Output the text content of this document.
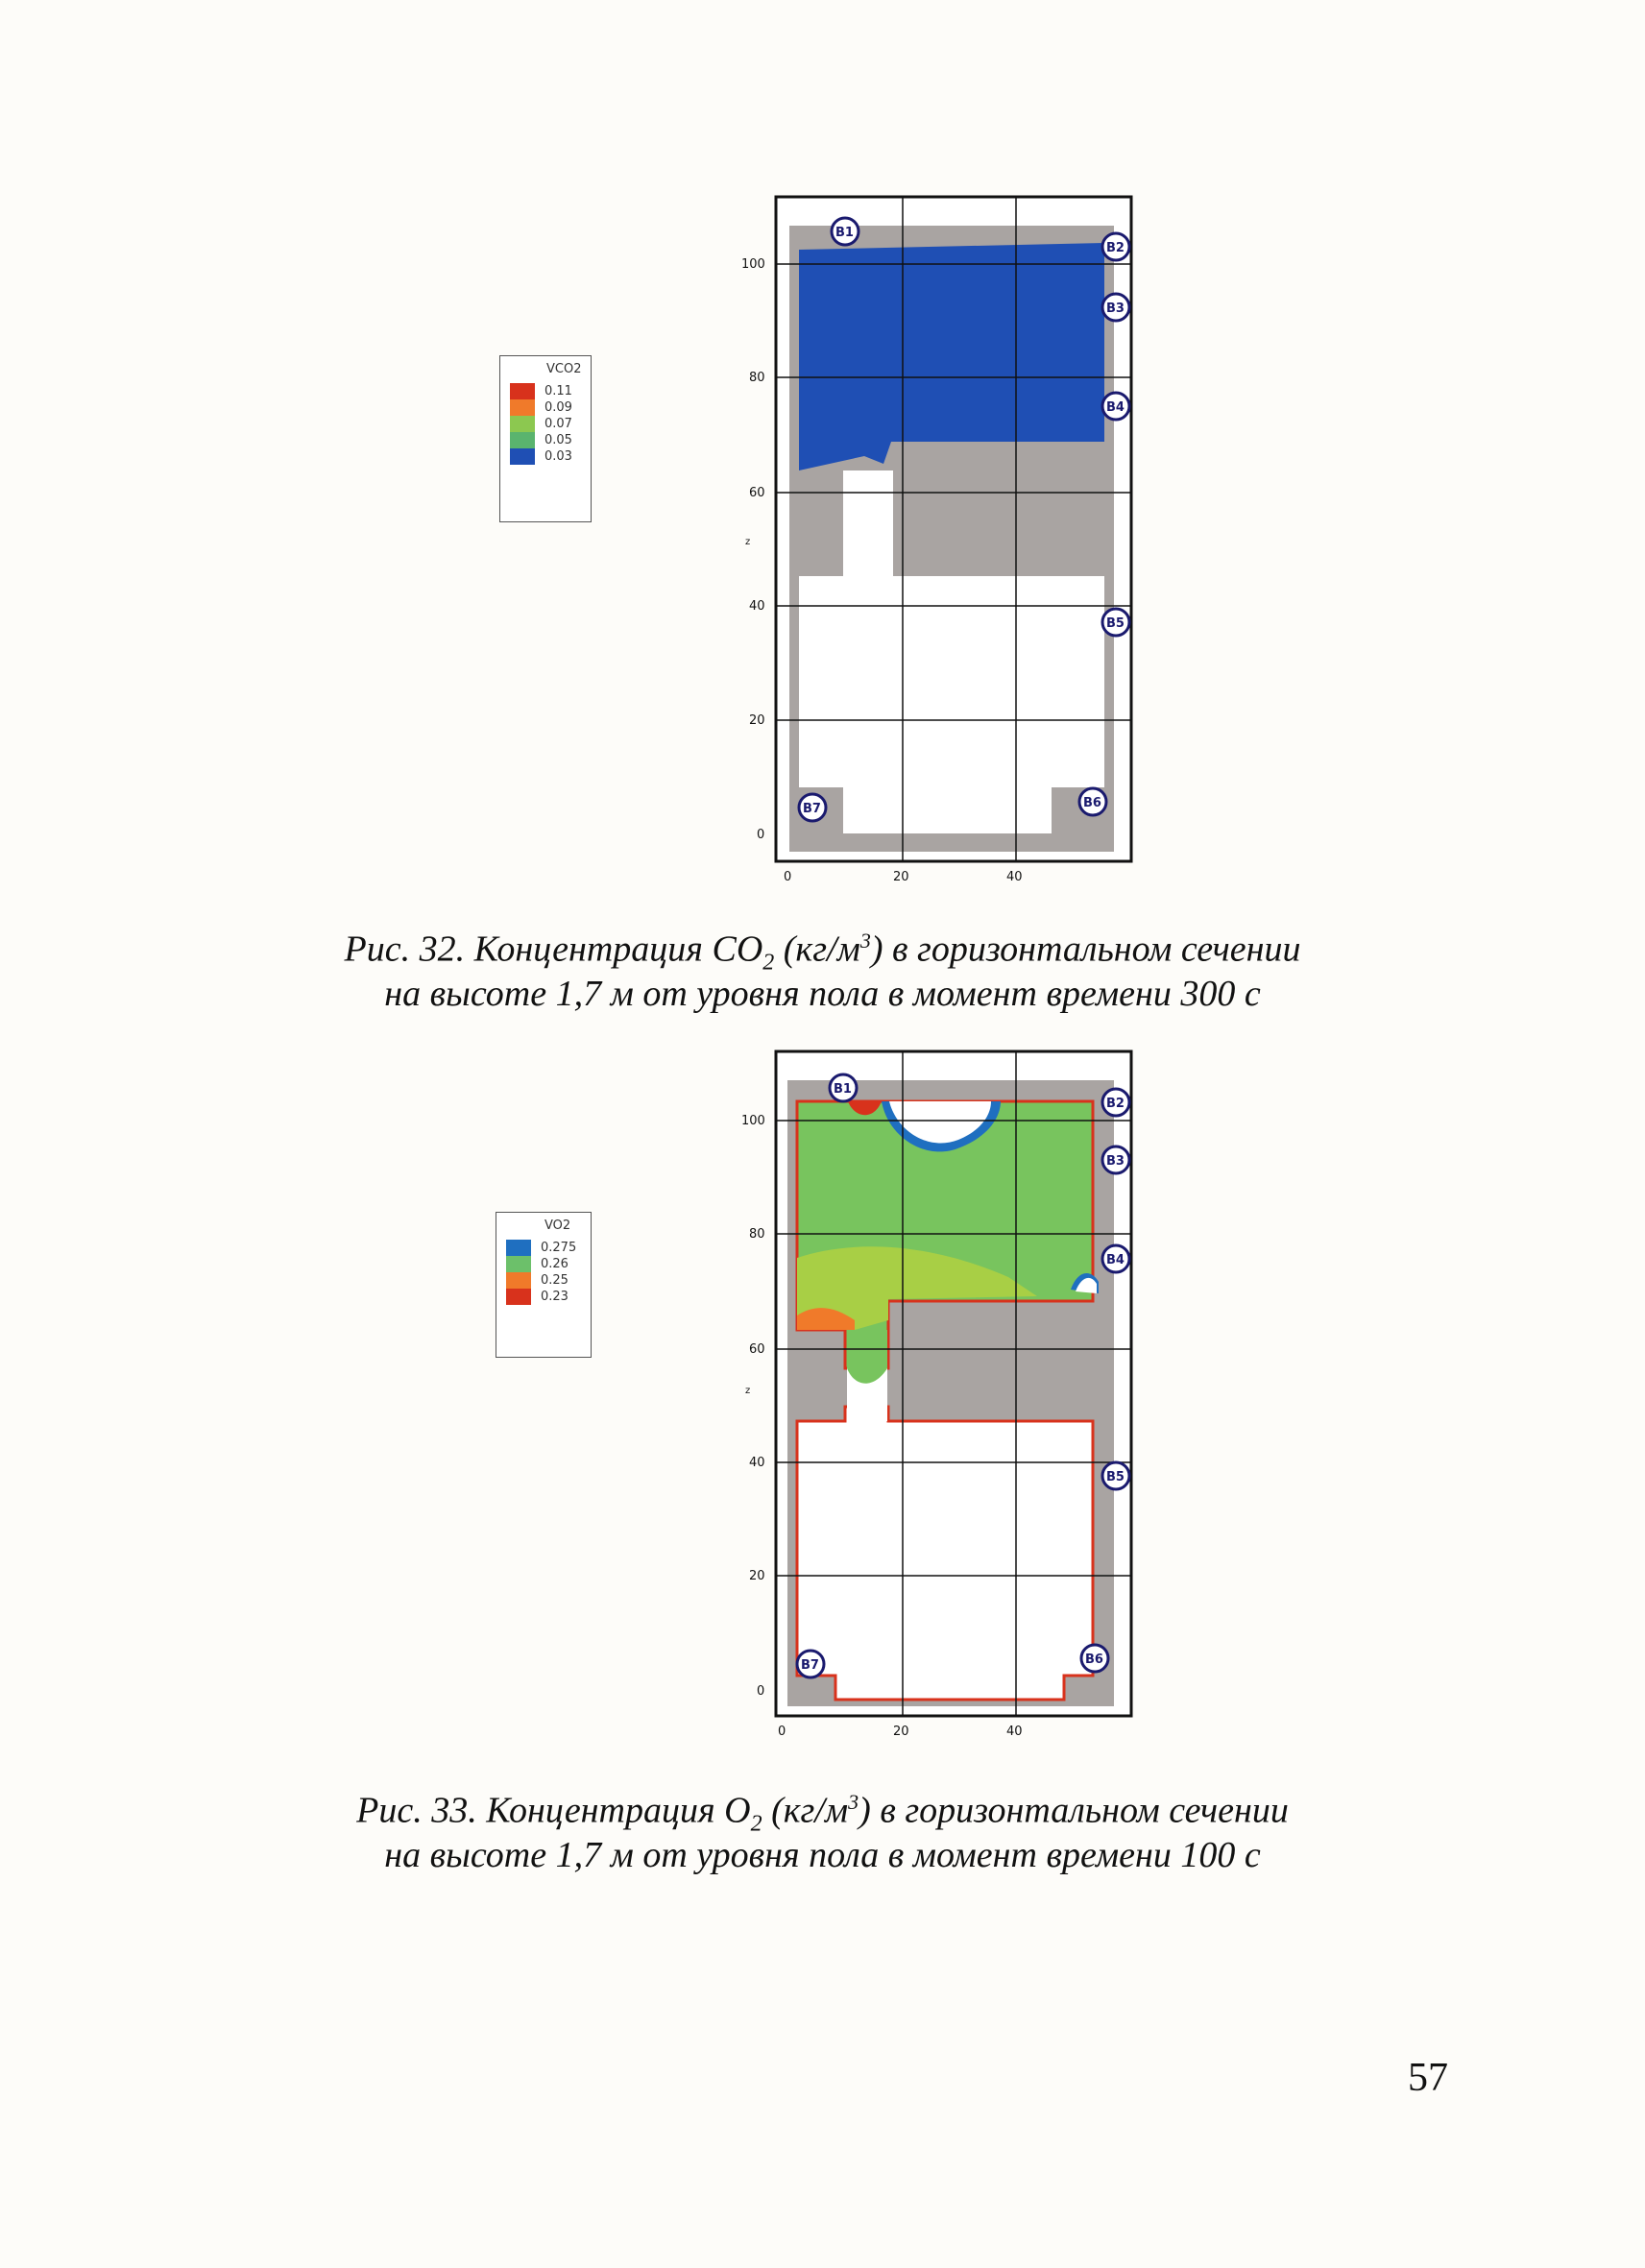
VCO2
0.11
0.09
0.07
0.05
0.03
100
80
60
40
20
0
z
0	20	40
B1
B2
B3
B4
B5
B6
B7
Рис. 32. Концентрация $CO_2$ $(кг/м^3)$ в горизонтальном сечении
на высоте 1,7 м от уровня пола в момент времени 300 с
VO2
0.275
0.26
0.25
0.23
100
80
60
40
20
0
z
0	20	40
B1
B2
B3
B4
B5
B6
B7
Рис. 33. Концентрация $O_2$ $(кг/м^3)$ в горизонтальном сечении
на высоте 1,7 м от уровня пола в момент времени 100 с
57
